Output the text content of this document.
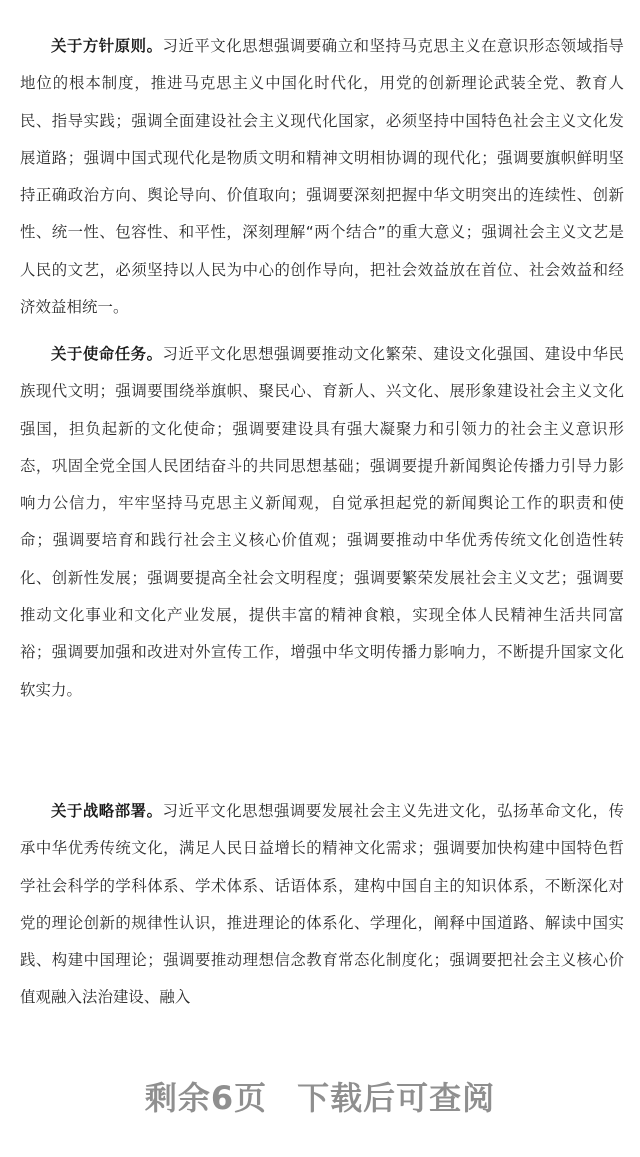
关于方针原则。习近平文化思想强调要确立和坚持马克思主义在意识形态领域指导地位的根本制度，推进马克思主义中国化时代化，用党的创新理论武装全党、教育人民、指导实践；强调全面建设社会主义现代化国家，必须坚持中国特色社会主义文化发展道路；强调中国式现代化是物质文明和精神文明相协调的现代化；强调要旗帜鲜明坚持正确政治方向、舆论导向、价值取向；强调要深刻把握中华文明突出的连续性、创新性、统一性、包容性、和平性，深刻理解“两个结合”的重大意义；强调社会主义文艺是人民的文艺，必须坚持以人民为中心的创作导向，把社会效益放在首位、社会效益和经济效益相统一。

关于使命任务。习近平文化思想强调要推动文化繁荣、建设文化强国、建设中华民族现代文明；强调要围绕举旗帜、聚民心、育新人、兴文化、展形象建设社会主义文化强国，担负起新的文化使命；强调要建设具有强大凝聚力和引领力的社会主义意识形态，巩固全党全国人民团结奋斗的共同思想基础；强调要提升新闻舆论传播力引导力影响力公信力，牢牢坚持马克思主义新闻观，自觉承担起党的新闻舆论工作的职责和使命；强调要培育和践行社会主义核心价值观；强调要推动中华优秀传统文化创造性转化、创新性发展；强调要提高全社会文明程度；强调要繁荣发展社会主义文艺；强调要推动文化事业和文化产业发展，提供丰富的精神食粮，实现全体人民精神生活共同富裕；强调要加强和改进对外宣传工作，增强中华文明传播力影响力，不断提升国家文化软实力。

关于战略部署。习近平文化思想强调要发展社会主义先进文化，弘扬革命文化，传承中华优秀传统文化，满足人民日益增长的精神文化需求；强调要加快构建中国特色哲学社会科学的学科体系、学术体系、话语体系，建构中国自主的知识体系，不断深化对党的理论创新的规律性认识，推进理论的体系化、学理化，阐释中国道路、解读中国实践、构建中国理论；强调要推动理想信念教育常态化制度化；强调要把社会主义核心价值观融入法治建设、融入

剩余6页 下载后可查阅
